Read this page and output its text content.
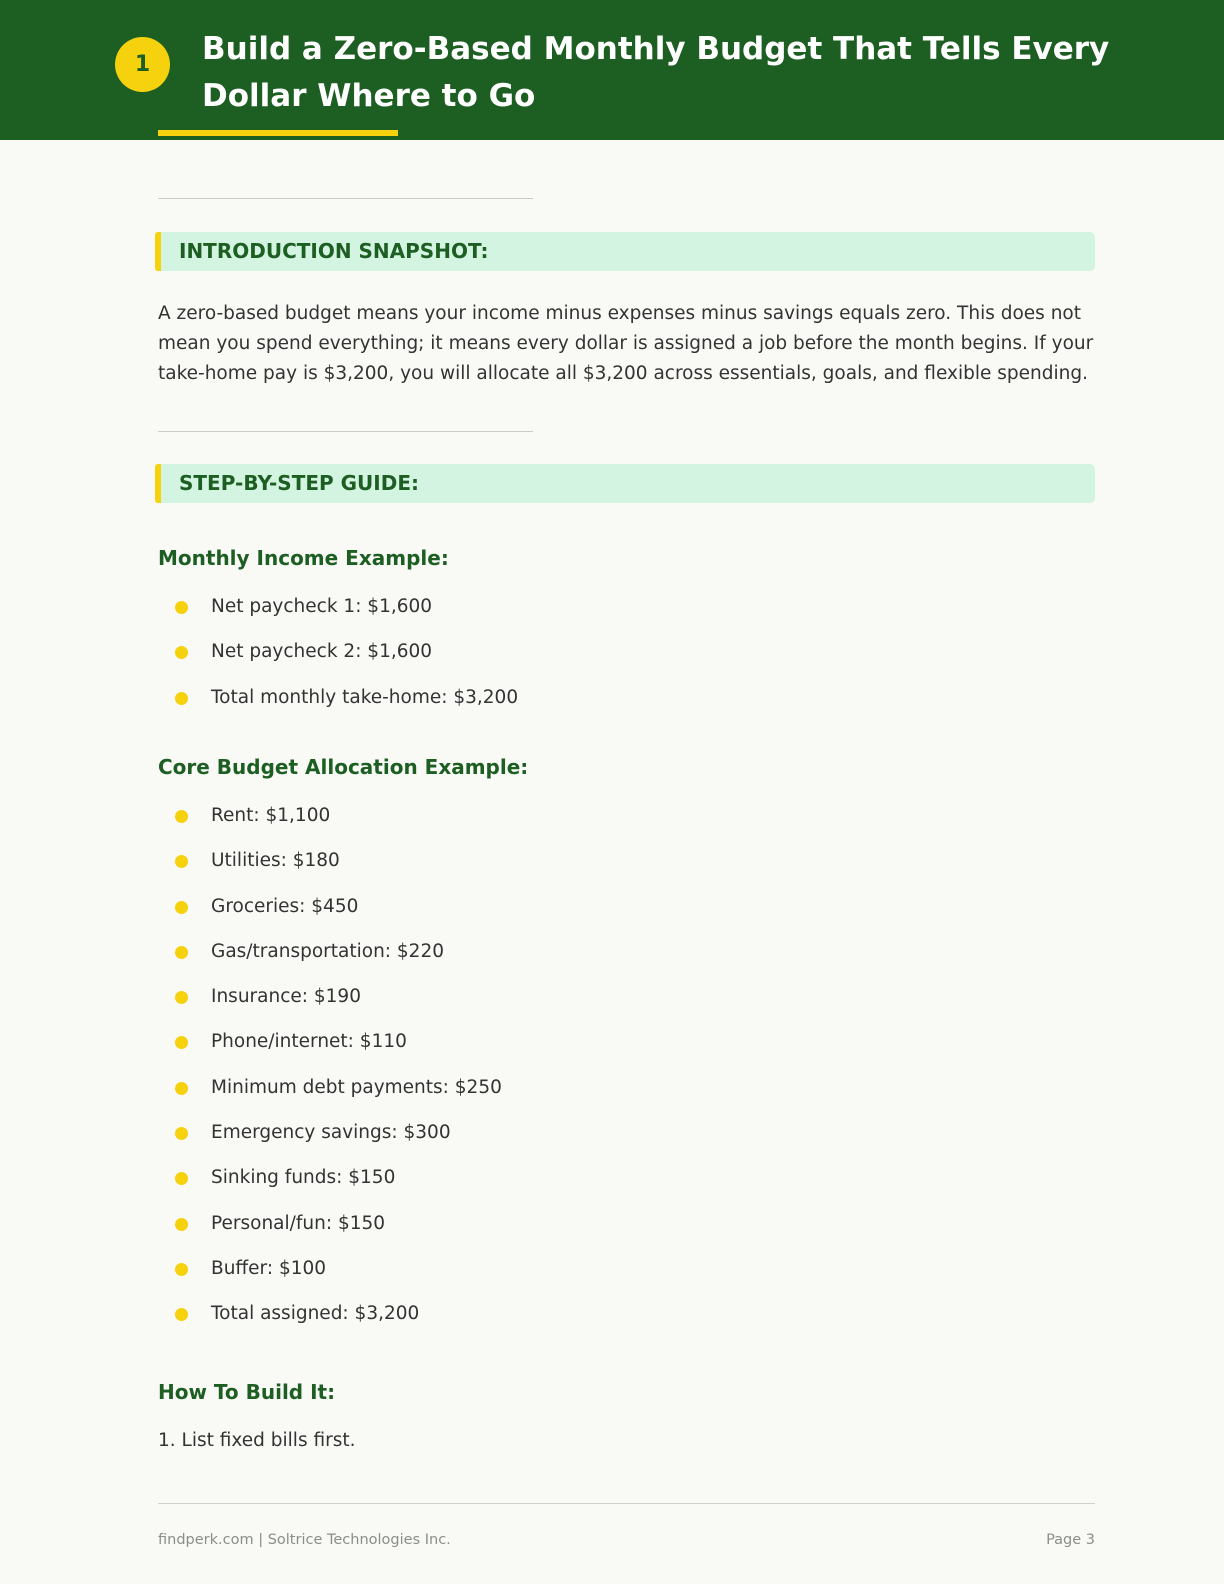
1	Build a Zero-Based Monthly Budget That Tells Every Dollar Where to Go
INTRODUCTION SNAPSHOT:

A zero-based budget means your income minus expenses minus savings equals zero. This does not mean you spend everything; it means every dollar is assigned a job before the month begins. If your take-home pay is $3,200, you will allocate all $3,200 across essentials, goals, and flexible spending.

STEP-BY-STEP GUIDE:
Monthly Income Example:
Net paycheck 1: $1,600
Net paycheck 2: $1,600
Total monthly take-home: $3,200
Core Budget Allocation Example:
Rent: $1,100
Utilities: $180
Groceries: $450
Gas/transportation: $220
Insurance: $190
Phone/internet: $110
Minimum debt payments: $250
Emergency savings: $300
Sinking funds: $150
Personal/fun: $150
Buffer: $100
Total assigned: $3,200
How To Build It:

1. List fixed bills first.

findperk.com | Soltrice Technologies Inc.	Page 3
